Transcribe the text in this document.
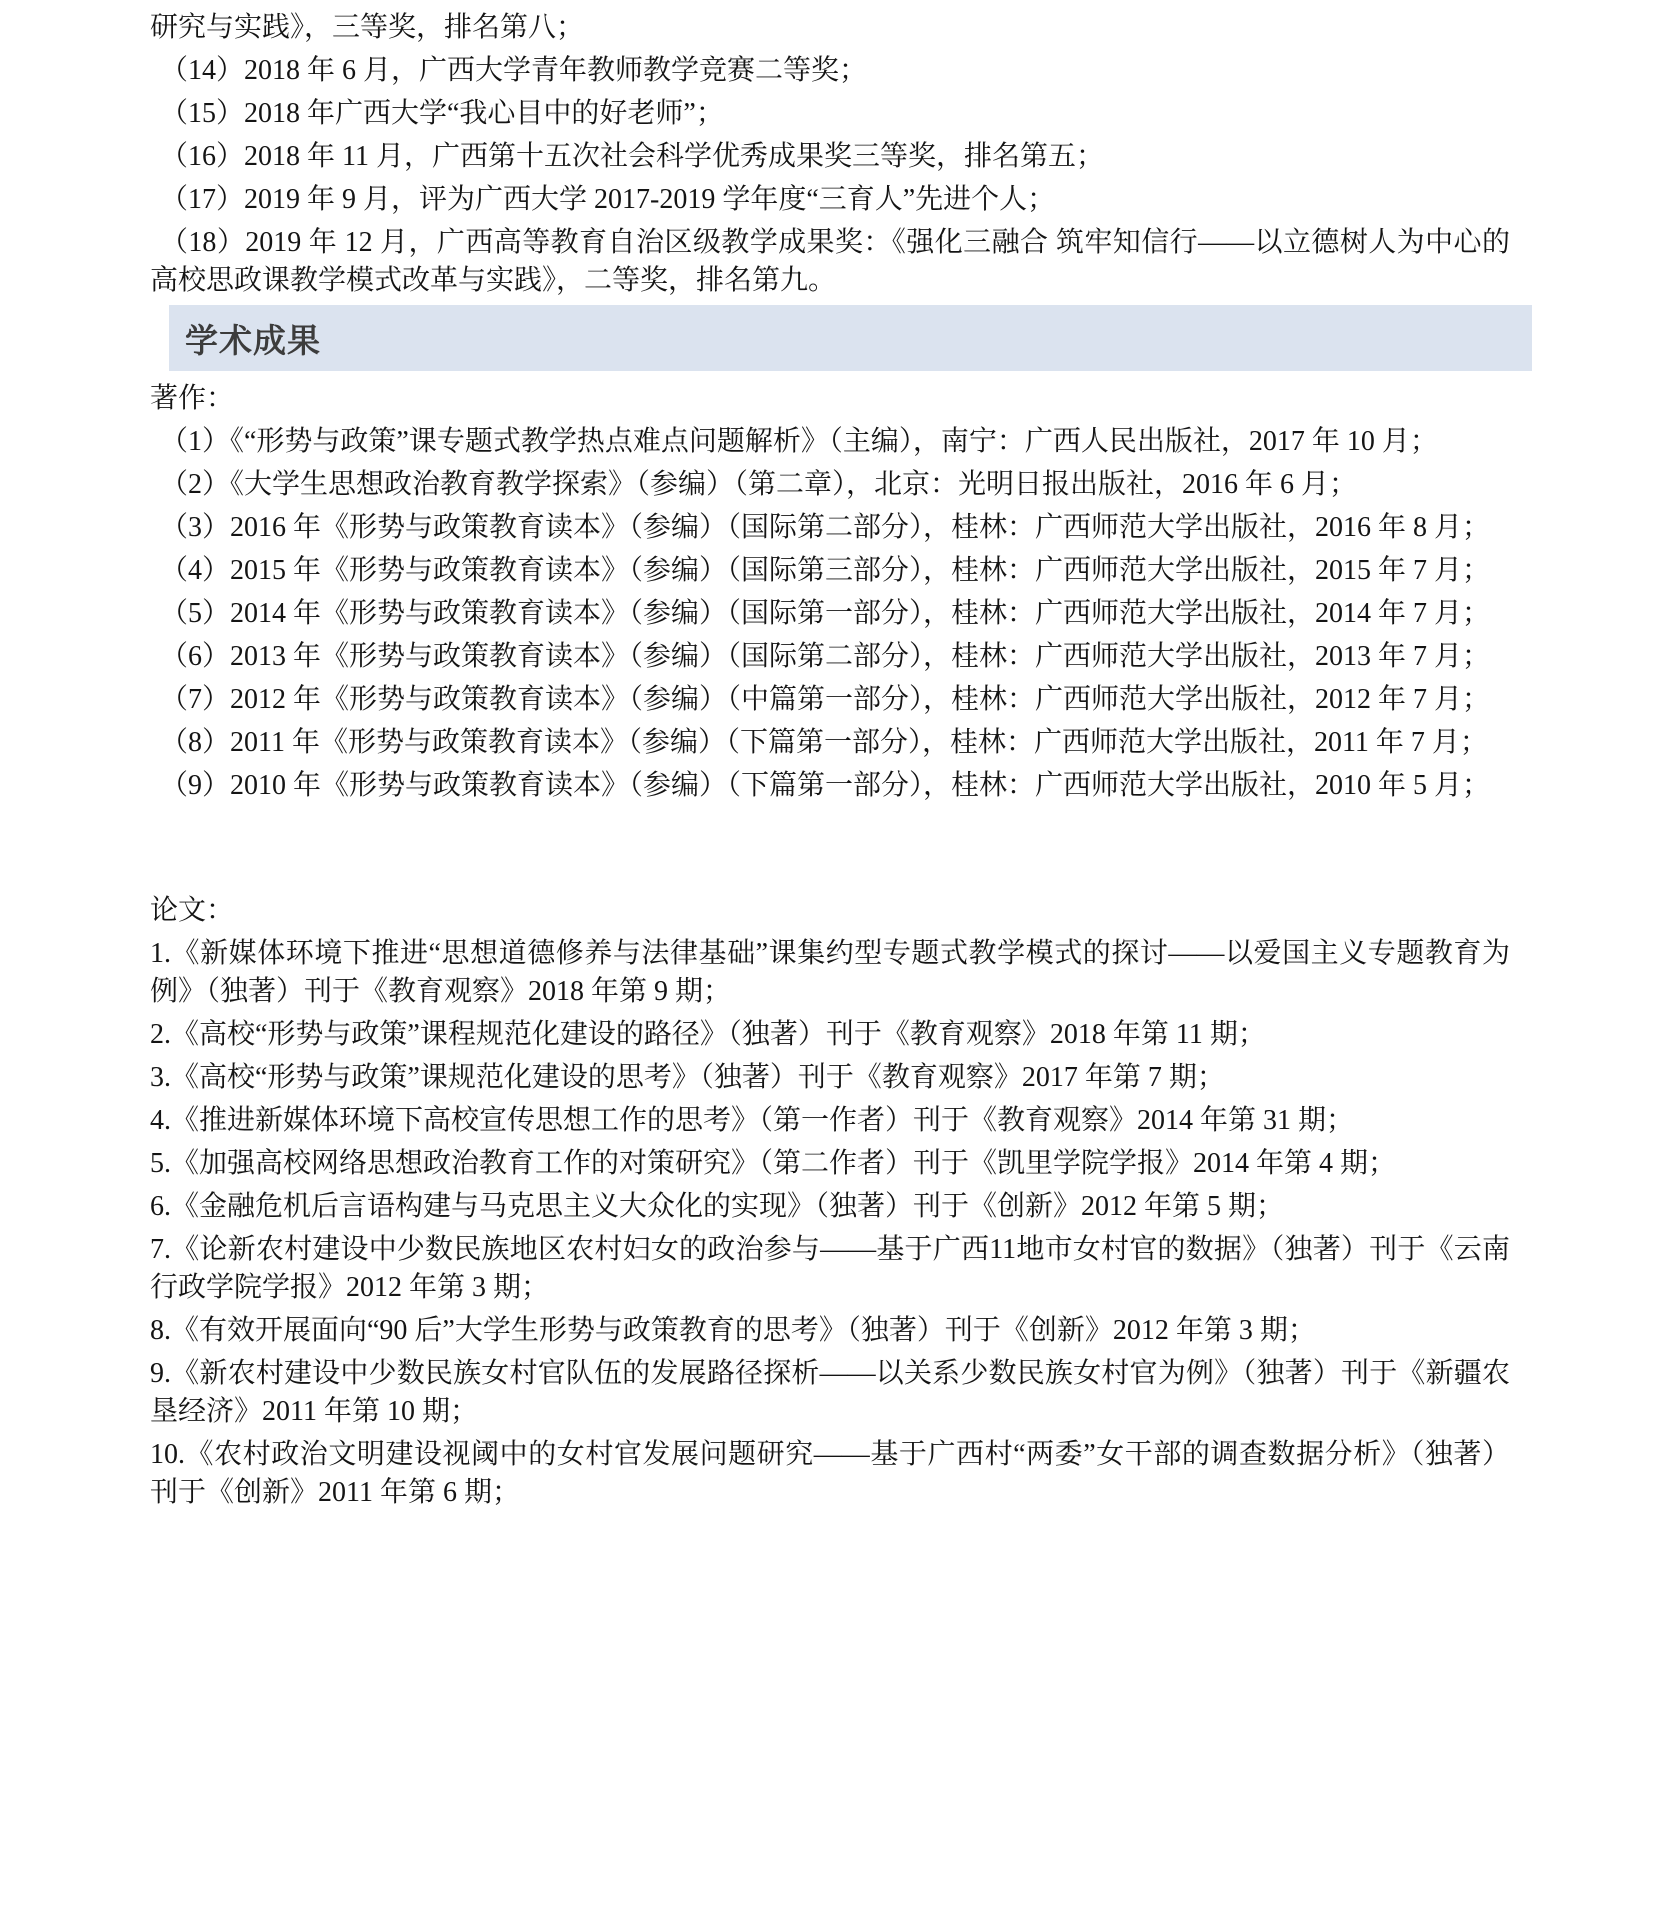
研究与实践》，三等奖，排名第八；

（14）2018 年 6 月，广西大学青年教师教学竞赛二等奖；

（15）2018 年广西大学“我心目中的好老师”；

（16）2018 年 11 月，广西第十五次社会科学优秀成果奖三等奖，排名第五；

（17）2019 年 9 月，评为广西大学 2017-2019 学年度“三育人”先进个人；

（18）2019 年 12 月，广西高等教育自治区级教学成果奖：《强化三融合 筑牢知信行——以立德树人为中心的高校思政课教学模式改革与实践》，二等奖，排名第九。

学术成果

著作：

（1）《“形势与政策”课专题式教学热点难点问题解析》（主编），南宁：广西人民出版社，2017 年 10 月；

（2）《大学生思想政治教育教学探索》（参编）（第二章），北京：光明日报出版社，2016 年 6 月；

（3）2016 年《形势与政策教育读本》（参编）（国际第二部分），桂林：广西师范大学出版社，2016 年 8 月；

（4）2015 年《形势与政策教育读本》（参编）（国际第三部分），桂林：广西师范大学出版社，2015 年 7 月；

（5）2014 年《形势与政策教育读本》（参编）（国际第一部分），桂林：广西师范大学出版社，2014 年 7 月；

（6）2013 年《形势与政策教育读本》（参编）（国际第二部分），桂林：广西师范大学出版社，2013 年 7 月；

（7）2012 年《形势与政策教育读本》（参编）（中篇第一部分），桂林：广西师范大学出版社，2012 年 7 月；

（8）2011 年《形势与政策教育读本》（参编）（下篇第一部分），桂林：广西师范大学出版社，2011 年 7 月；

（9）2010 年《形势与政策教育读本》（参编）（下篇第一部分），桂林：广西师范大学出版社，2010 年 5 月；

论文：

1.《新媒体环境下推进“思想道德修养与法律基础”课集约型专题式教学模式的探讨——以爱国主义专题教育为例》（独著）刊于《教育观察》2018 年第 9 期；

2.《高校“形势与政策”课程规范化建设的路径》（独著）刊于《教育观察》2018 年第 11 期；

3.《高校“形势与政策”课规范化建设的思考》（独著）刊于《教育观察》2017 年第 7 期；

4.《推进新媒体环境下高校宣传思想工作的思考》（第一作者）刊于《教育观察》2014 年第 31 期；

5.《加强高校网络思想政治教育工作的对策研究》（第二作者）刊于《凯里学院学报》2014 年第 4 期；

6.《金融危机后言语构建与马克思主义大众化的实现》（独著）刊于《创新》2012 年第 5 期；

7.《论新农村建设中少数民族地区农村妇女的政治参与——基于广西11地市女村官的数据》（独著）刊于《云南行政学院学报》2012 年第 3 期；

8.《有效开展面向“90 后”大学生形势与政策教育的思考》（独著）刊于《创新》2012 年第 3 期；

9.《新农村建设中少数民族女村官队伍的发展路径探析——以关系少数民族女村官为例》（独著）刊于《新疆农垦经济》2011 年第 10 期；

10.《农村政治文明建设视阈中的女村官发展问题研究——基于广西村“两委”女干部的调查数据分析》（独著）刊于《创新》2011 年第 6 期；
